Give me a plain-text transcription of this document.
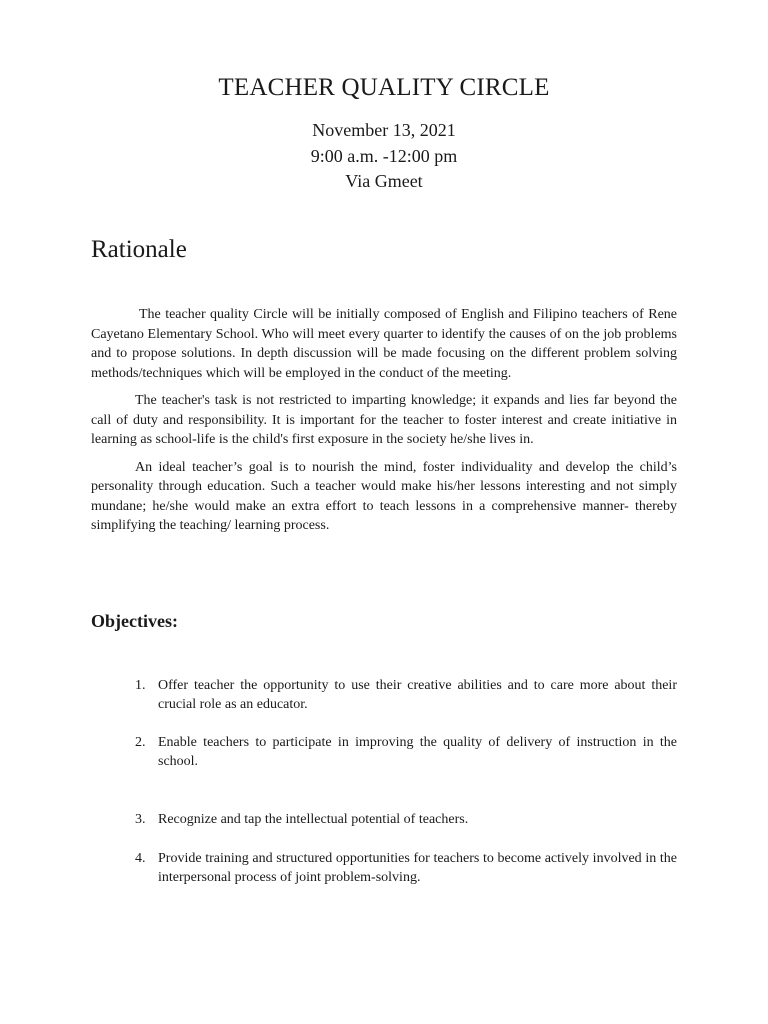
TEACHER QUALITY CIRCLE
November 13, 2021
9:00 a.m. -12:00 pm
Via Gmeet
Rationale

The teacher quality Circle will be initially composed of English and Filipino teachers of Rene Cayetano Elementary School. Who will meet every quarter to identify the causes of on the job problems and to propose solutions. In depth discussion will be made focusing on the different problem solving methods/techniques which will be employed in the conduct of the meeting.

The teacher's task is not restricted to imparting knowledge; it expands and lies far beyond the call of duty and responsibility. It is important for the teacher to foster interest and create initiative in learning as school-life is the child's first exposure in the society he/she lives in.

An ideal teacher’s goal is to nourish the mind, foster individuality and develop the child’s personality through education. Such a teacher would make his/her lessons interesting and not simply mundane; he/she would make an extra effort to teach lessons in a comprehensive manner- thereby simplifying the teaching/ learning process.

Objectives:
1. Offer teacher the opportunity to use their creative abilities and to care more about their crucial role as an educator.
2. Enable teachers to participate in improving the quality of delivery of instruction in the school.
3. Recognize and tap the intellectual potential of teachers.
4. Provide training and structured opportunities for teachers to become actively involved in the interpersonal process of joint problem-solving.
